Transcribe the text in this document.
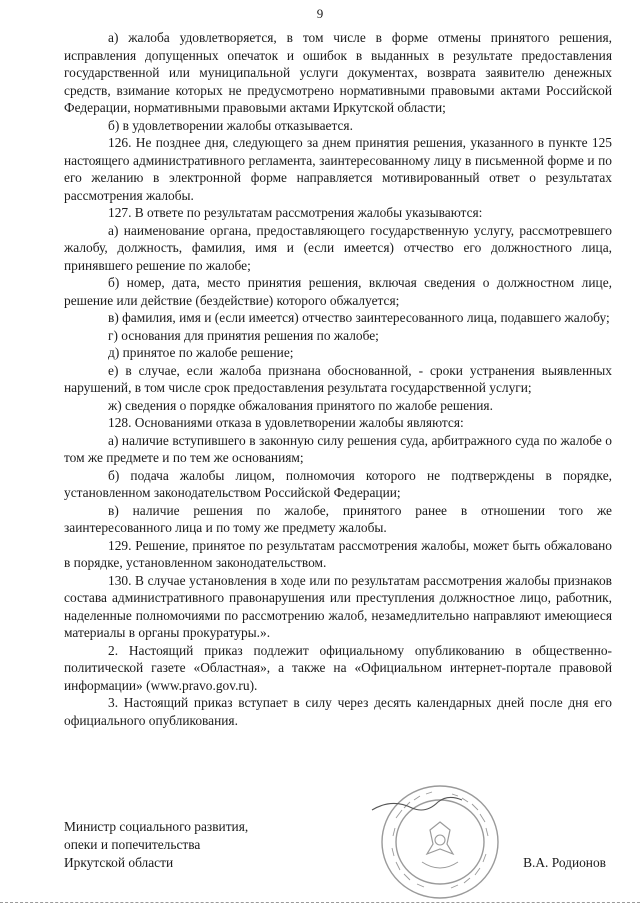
9

а) жалоба удовлетворяется, в том числе в форме отмены принятого решения, исправления допущенных опечаток и ошибок в выданных в результате предоставления государственной или муниципальной услуги документах, возврата заявителю денежных средств, взимание которых не предусмотрено нормативными правовыми актами Российской Федерации, нормативными правовыми актами Иркутской области;

б) в удовлетворении жалобы отказывается.

126. Не позднее дня, следующего за днем принятия решения, указанного в пункте 125 настоящего административного регламента, заинтересованному лицу в письменной форме и по его желанию в электронной форме направляется мотивированный ответ о результатах рассмотрения жалобы.

127. В ответе по результатам рассмотрения жалобы указываются:

а) наименование органа, предоставляющего государственную услугу, рассмотревшего жалобу, должность, фамилия, имя и (если имеется) отчество его должностного лица, принявшего решение по жалобе;

б) номер, дата, место принятия решения, включая сведения о должностном лице, решение или действие (бездействие) которого обжалуется;

в) фамилия, имя и (если имеется) отчество заинтересованного лица, подавшего жалобу;

г) основания для принятия решения по жалобе;

д) принятое по жалобе решение;

е) в случае, если жалоба признана обоснованной, - сроки устранения выявленных нарушений, в том числе срок предоставления результата государственной услуги;

ж) сведения о порядке обжалования принятого по жалобе решения.

128. Основаниями отказа в удовлетворении жалобы являются:

а) наличие вступившего в законную силу решения суда, арбитражного суда по жалобе о том же предмете и по тем же основаниям;

б) подача жалобы лицом, полномочия которого не подтверждены в порядке, установленном законодательством Российской Федерации;

в) наличие решения по жалобе, принятого ранее в отношении того же заинтересованного лица и по тому же предмету жалобы.

129. Решение, принятое по результатам рассмотрения жалобы, может быть обжаловано в порядке, установленном законодательством.

130. В случае установления в ходе или по результатам рассмотрения жалобы признаков состава административного правонарушения или преступления должностное лицо, работник, наделенные полномочиями по рассмотрению жалоб, незамедлительно направляют имеющиеся материалы в органы прокуратуры.».

2. Настоящий приказ подлежит официальному опубликованию в общественно-политической газете «Областная», а также на «Официальном интернет-портале правовой информации» (www.pravo.gov.ru).

3. Настоящий приказ вступает в силу через десять календарных дней после дня его официального опубликования.

Министр социального развития,
опеки и попечительства
Иркутской области	В.А. Родионов
